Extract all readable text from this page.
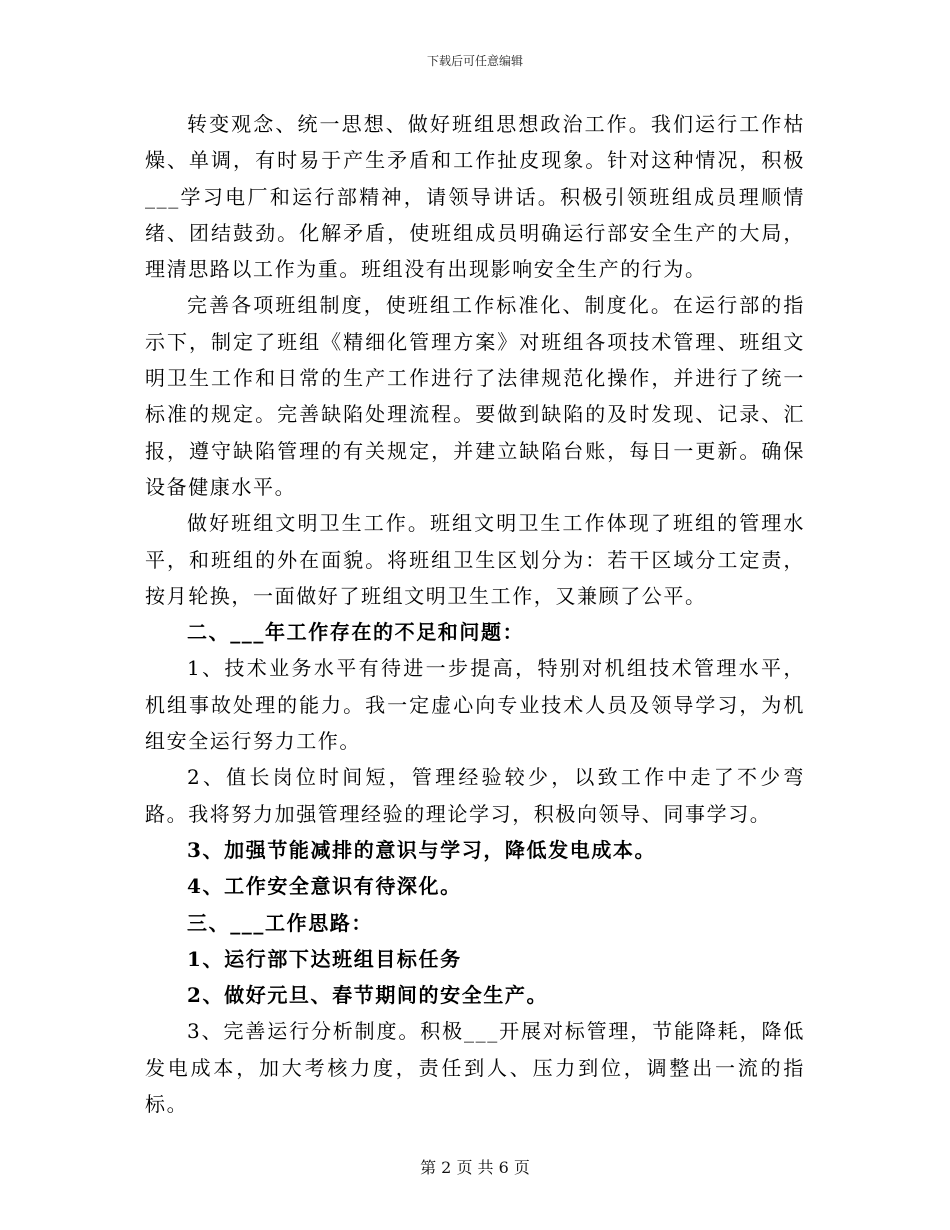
下载后可任意编辑

转变观念、统一思想、做好班组思想政治工作。我们运行工作枯燥、单调，有时易于产生矛盾和工作扯皮现象。针对这种情况，积极___学习电厂和运行部精神，请领导讲话。积极引领班组成员理顺情绪、团结鼓劲。化解矛盾，使班组成员明确运行部安全生产的大局，理清思路以工作为重。班组没有出现影响安全生产的行为。

完善各项班组制度，使班组工作标准化、制度化。在运行部的指示下，制定了班组《精细化管理方案》对班组各项技术管理、班组文明卫生工作和日常的生产工作进行了法律规范化操作，并进行了统一标准的规定。完善缺陷处理流程。要做到缺陷的及时发现、记录、汇报，遵守缺陷管理的有关规定，并建立缺陷台账，每日一更新。确保设备健康水平。

做好班组文明卫生工作。班组文明卫生工作体现了班组的管理水平，和班组的外在面貌。将班组卫生区划分为：若干区域分工定责，按月轮换，一面做好了班组文明卫生工作，又兼顾了公平。

二、___年工作存在的不足和问题：

1、技术业务水平有待进一步提高，特别对机组技术管理水平，机组事故处理的能力。我一定虚心向专业技术人员及领导学习，为机组安全运行努力工作。

2、值长岗位时间短，管理经验较少，以致工作中走了不少弯路。我将努力加强管理经验的理论学习，积极向领导、同事学习。

3、加强节能减排的意识与学习，降低发电成本。

4、工作安全意识有待深化。

三、___工作思路：

1、运行部下达班组目标任务

2、做好元旦、春节期间的安全生产。

3、完善运行分析制度。积极___开展对标管理，节能降耗，降低发电成本，加大考核力度，责任到人、压力到位，调整出一流的指标。

第 2 页 共 6 页
